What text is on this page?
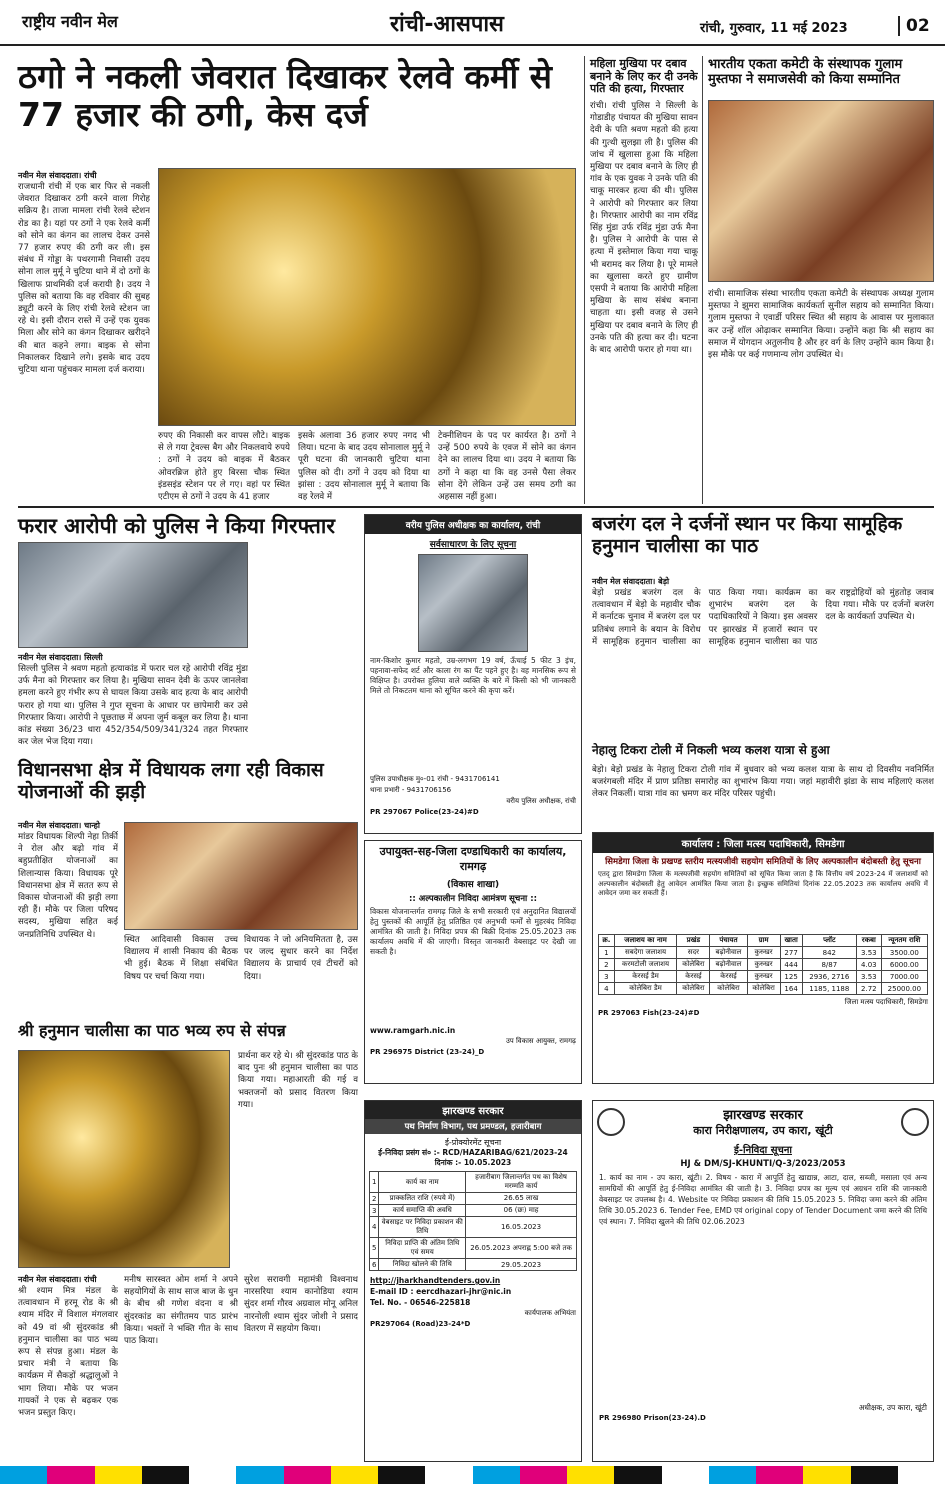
राष्ट्रीय नवीन मेल	रांची-आसपास	रांची, गुरुवार, 11 मई 2023	02
ठगो ने नकली जेवरात दिखाकर रेलवे कर्मी से 77 हजार की ठगी, केस दर्ज
नवीन मेल संवाददाता। रांची
राजधानी रांची में एक बार फिर से नकली जेवरात दिखाकर ठगी करने वाला गिरोह सक्रिय है। ताजा मामला रांची रेलवे स्टेशन रोड का है। यहां पर ठगों ने एक रेलवे कर्मी को सोने का कंगन का लालच देकर उनसे 77 हजार रुपए की ठगी कर ली। इस संबंध में गोड्डा के पथरगामी निवासी उदय सोना लाल मुर्मू ने चुटिया थाने में दो ठगों के खिलाफ प्राथमिकी दर्ज करायी है। उदय ने पुलिस को बताया कि वह रविवार की सुबह ड्यूटी करने के लिए रांची रेलवे स्टेशन जा रहे थे। इसी दौरान रास्ते में उन्हें एक युवक मिला और सोने का कंगन दिखाकर खरीदने की बात कहने लगा। बाइक से सोना निकालकर दिखाने लगे। इसके बाद उदय चुटिया थाना पहुंचकर मामला दर्ज कराया।
रुपए की निकासी कर वापस लौटे। बाइक से ले गया ट्रेवल्स बैग और निकलवाये रुपये : ठगों ने उदय को बाइक में बैठकर ओवरब्रिज होते हुए बिरसा चौक स्थित इंडसइंड स्टेशन पर ले गए। वहां पर स्थित एटीएम से ठगों ने उदय के 41 हजार
इसके अलावा 36 हजार रुपए नगद भी लिया। घटना के बाद उदय सोनालाल मुर्मू ने पूरी घटना की जानकारी चुटिया थाना पुलिस को दी। ठगों ने उदय को दिया था झांसा : उदय सोनालाल मुर्मू ने बताया कि वह रेलवे में
टेक्नीशियन के पद पर कार्यरत है। ठगों ने उन्हें 500 रुपये के एवज में सोने का कंगन देने का लालच दिया था। उदय ने बताया कि ठगों ने कहा था कि वह उनसे पैसा लेकर सोना देंगे लेकिन उन्हें उस समय ठगी का अहसास नहीं हुआ।
महिला मुखिया पर दबाव बनाने के लिए कर दी उनके पति की हत्या, गिरफ्तार
रांची। रांची पुलिस ने सिल्ली के गोडाडीह पंचायत की मुखिया सावन देवी के पति श्रवण महतो की हत्या की गुत्थी सुलझा ली है। पुलिस की जांच में खुलासा हुआ कि महिला मुखिया पर दबाव बनाने के लिए ही गांव के एक युवक ने उनके पति की चाकू मारकर हत्या की थी। पुलिस ने आरोपी को गिरफ्तार कर लिया है। गिरफ्तार आरोपी का नाम रविंद्र सिंह मुंडा उर्फ रविंद्र मुंडा उर्फ मैना है। पुलिस ने आरोपी के पास से हत्या में इस्तेमाल किया गया चाकू भी बरामद कर लिया है। पूरे मामले का खुलासा करते हुए ग्रामीण एसपी ने बताया कि आरोपी महिला मुखिया के साथ संबंध बनाना चाहता था। इसी वजह से उसने मुखिया पर दबाव बनाने के लिए ही उनके पति की हत्या कर दी। घटना के बाद आरोपी फरार हो गया था।
भारतीय एकता कमेटी के संस्थापक गुलाम मुस्तफा ने समाजसेवी को किया सम्मानित
रांची। सामाजिक संस्था भारतीय एकता कमेटी के संस्थापक अध्यक्ष गुलाम मुस्तफा ने झुमरा सामाजिक कार्यकर्ता सुनील सहाय को सम्मानित किया। गुलाम मुस्तफा ने एवार्डी परिसर स्थित श्री सहाय के आवास पर मुलाकात कर उन्हें शॉल ओढ़ाकर सम्मानित किया। उन्होंने कहा कि श्री सहाय का समाज में योगदान अतुलनीय है और हर वर्ग के लिए उन्होंने काम किया है। इस मौके पर कई गणमान्य लोग उपस्थित थे।
फरार आरोपी को पुलिस ने किया गिरफ्तार
नवीन मेल संवाददाता। सिल्ली
सिल्ली पुलिस ने श्रवण महतो हत्याकांड में फरार चल रहे आरोपी रविंद्र मुंडा उर्फ मैना को गिरफ्तार कर लिया है। मुखिया सावन देवी के ऊपर जानलेवा हमला करने हुए गंभीर रूप से घायल किया उसके बाद हत्या के बाद आरोपी फरार हो गया था। पुलिस ने गुप्त सूचना के आधार पर छापेमारी कर उसे गिरफ्तार किया। आरोपी ने पूछताछ में अपना जुर्म कबूल कर लिया है। थाना कांड संख्या 36/23 धारा 452/354/509/341/324 तहत गिरफ्तार कर जेल भेज दिया गया।
वरीय पुलिस अधीक्षक का कार्यालय, रांची
सर्वसाधारण के लिए सूचना
नाम-किशोर कुमार महतो, उम्र-लगभग 19 वर्ष, ऊँचाई 5 फीट 3 इंच, पहनावा-सफेद शर्ट और काला रंग का पैंट पहने हुए है। वह मानसिक रूप से विक्षिप्त है। उपरोक्त हुलिया वाले व्यक्ति के बारे में किसी को भी जानकारी मिले तो निकटतम थाना को सूचित करने की कृपा करें।
पुलिस उपाधीक्षक मु०-01 रांची - 9431706141
थाना प्रभारी - 9431706156
वरीय पुलिस अधीक्षक, रांची
PR 297067 Police(23-24)#D
बजरंग दल ने दर्जनों स्थान पर किया सामूहिक हनुमान चालीसा का पाठ
नवीन मेल संवाददाता। बेड़ो
बेड़ो प्रखंड बजरंग दल के तत्वावधान में बेड़ो के महावीर चौक में कर्नाटक चुनाव में बजरंग दल पर प्रतिबंध लगाने के बयान के विरोध में सामूहिक हनुमान चालीसा का पाठ किया गया। कार्यक्रम का शुभारंभ बजरंग दल के पदाधिकारियों ने किया। इस अवसर पर झारखंड में हजारों स्थान पर सामूहिक हनुमान चालीसा का पाठ कर राष्ट्रद्रोहियों को मुंहतोड़ जवाब दिया गया। मौके पर दर्जनों बजरंग दल के कार्यकर्ता उपस्थित थे।
नेहालु टिकरा टोली में निकली भव्य कलश यात्रा से हुआ
बेड़ो। बेड़ो प्रखंड के नेहालु टिकरा टोली गांव में बुधवार को भव्य कलश यात्रा के साथ दो दिवसीय नवनिर्मित बजरंगबली मंदिर में प्राण प्रतिष्ठा समारोह का शुभारंभ किया गया। जहां महावीरी झंडा के साथ महिलाएं कलश लेकर निकलीं। यात्रा गांव का भ्रमण कर मंदिर परिसर पहुंची।
विधानसभा क्षेत्र में विधायक लगा रही विकास योजनाओं की झड़ी
नवीन मेल संवाददाता। चान्हो
मांडर विधायक शिल्पी नेहा तिर्की ने रोल और बढ़ो गांव में बहुप्रतीक्षित योजनाओं का शिलान्यास किया। विधायक पूरे विधानसभा क्षेत्र में सतत रूप से विकास योजनाओं की झड़ी लगा रही हैं। मौके पर जिला परिषद सदस्य, मुखिया सहित कई जनप्रतिनिधि उपस्थित थे।
स्थित आदिवासी विकास उच्च विद्यालय में शासी निकाय की बैठक भी हुई। बैठक में शिक्षा संबंधित विषय पर चर्चा किया गया।
विधायक ने जो अनियमितता है, उस पर जल्द सुधार करने का निर्देश विद्यालय के प्राचार्य एवं टीचरों को दिया।
उपायुक्त-सह-जिला दण्डाधिकारी का कार्यालय, रामगढ़
(विकास शाखा)
:: अल्पकालीन निविदा आमंत्रण सूचना ::
विकास योजनान्तर्गत रामगढ़ जिले के सभी सरकारी एवं अनुदानित विद्यालयों हेतु पुस्तकों की आपूर्ति हेतु प्रतिष्ठित एवं अनुभवी फर्मों से मुहरबंद निविदा आमंत्रित की जाती है। निविदा प्रपत्र की बिक्री दिनांक 25.05.2023 तक कार्यालय अवधि में की जाएगी। विस्तृत जानकारी वेबसाइट पर देखी जा सकती है।
www.ramgarh.nic.in
उप विकास आयुक्त, रामगढ़
PR 296975 District (23-24)_D
कार्यालय : जिला मत्स्य पदाधिकारी, सिमडेगा
सिमडेगा जिला के प्रखण्ड स्तरीय मत्स्यजीवी सहयोग समितियों के लिए अल्पकालीन बंदोबस्ती हेतु सूचना
एतद् द्वारा सिमडेगा जिला के मत्स्यजीवी सहयोग समितियों को सूचित किया जाता है कि वित्तीय वर्ष 2023-24 में जलाशयों को अल्पकालीन बंदोबस्ती हेतु आवेदन आमंत्रित किया जाता है। इच्छुक समितियां दिनांक 22.05.2023 तक कार्यालय अवधि में आवेदन जमा कर सकती हैं।
क्र.	जलाशय का नाम	प्रखंड	पंचायत	ग्राम	खाता	प्लॉट	रकबा	न्यूनतम राशि
1	सबदेगा जलाशय	सदर	बढ़ोनीवाल	कुरुखर	277	842	3.53	3500.00
2	करमटोली जलाशय	कोलेबिरा	बढ़ोनीवाल	कुरुखर	444	8/87	4.03	6000.00
3	केरसई डैम	केरसई	केरसई	कुरुखर	125	2936, 2716	3.53	7000.00
4	कोलेबिरा डैम	कोलेबिरा	कोलेबिरा	कोलेबिरा	164	1185, 1188	2.72	25000.00
जिला मत्स्य पदाधिकारी, सिमडेगा
PR 297063 Fish(23-24)#D
श्री हनुमान चालीसा का पाठ भव्य रुप से संपन्न
प्रार्थना कर रहे थे। श्री सुंदरकांड पाठ के बाद पुनः श्री हनुमान चालीसा का पाठ किया गया। महाआरती की गई व भक्तजनों को प्रसाद वितरण किया गया।
नवीन मेल संवाददाता। रांची
श्री श्याम मित्र मंडल के तत्वावधान में हरमू रोड के श्री श्याम मंदिर में विशाल मंगलवार को 49 वां श्री सुंदरकांड श्री हनुमान चालीसा का पाठ भव्य रूप से संपन्न हुआ। मंडल के प्रचार मंत्री ने बताया कि कार्यक्रम में सैकड़ों श्रद्धालुओं ने भाग लिया। मौके पर भजन गायकों ने एक से बढ़कर एक भजन प्रस्तुत किए।
मनीष सारस्वत ओम शर्मा ने अपने सहयोगियों के साथ साज बाज के धुन के बीच श्री गणेश वंदना व श्री सुंदरकांड का संगीतमय पाठ प्रारंभ किया। भक्तों ने भक्ति गीत के साथ पाठ किया।
सुरेश सरावगी महामंत्री विश्वनाथ नारसरिया श्याम कानोडिया श्याम सुंदर शर्मा गौरव अग्रवाल मोनू अनिल नारनोली श्याम सुंदर जोशी ने प्रसाद वितरण में सहयोग किया।
झारखण्ड सरकार
पथ निर्माण विभाग, पथ प्रमण्डल, हजारीबाग
ई-प्रोक्योरमेंट सूचना
ई-निविदा प्रसंग सं० :- RCD/HAZARIBAG/621/2023-24
दिनांक :- 10.05.2023
1	कार्य का नाम	हजारीबाग जिलान्तर्गत पथ का विशेष मरम्मति कार्य
2	प्राक्कलित राशि (रुपये में)	26.65 लाख
3	कार्य समाप्ति की अवधि	06 (छः) माह
4	वेबसाइट पर निविदा प्रकाशन की तिथि	16.05.2023
5	निविदा प्राप्ति की अंतिम तिथि एवं समय	26.05.2023 अपराह्न 5:00 बजे तक
6	निविदा खोलने की तिथि	29.05.2023
http://jharkhandtenders.gov.in
E-mail ID : eercdhazari-jhr@nic.in
Tel. No. - 06546-225818
कार्यपालक अभियंता
PR297064 (Road)23-24*D
झारखण्ड सरकार
कारा निरीक्षणालय, उप कारा, खूंटी
ई-निविदा सूचना
HJ & DM/SJ-KHUNTI/Q-3/2023/2053
1. कार्य का नाम - उप कारा, खूंटी। 2. विषय - कारा में आपूर्ति हेतु खाद्यान्न, आटा, दाल, सब्जी, मसाला एवं अन्य सामग्रियों की आपूर्ति हेतु ई-निविदा आमंत्रित की जाती है। 3. निविदा प्रपत्र का मूल्य एवं अग्रधन राशि की जानकारी वेबसाइट पर उपलब्ध है। 4. Website पर निविदा प्रकाशन की तिथि 15.05.2023 5. निविदा जमा करने की अंतिम तिथि 30.05.2023 6. Tender Fee, EMD एवं original copy of Tender Document जमा करने की तिथि एवं स्थान। 7. निविदा खुलने की तिथि 02.06.2023
अधीक्षक, उप कारा, खूंटी
PR 296980 Prison(23-24).D
